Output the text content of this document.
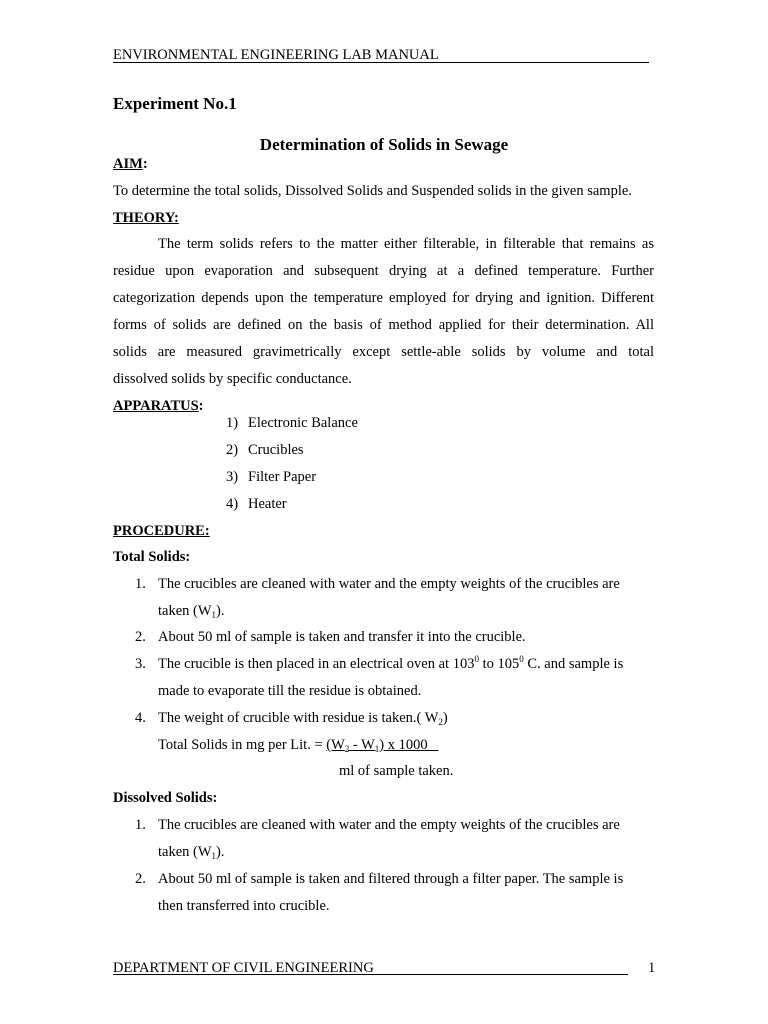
ENVIRONMENTAL ENGINEERING LAB MANUAL
Experiment No.1
Determination of Solids in Sewage
AIM:
To determine the total solids, Dissolved Solids and Suspended solids in the given sample.
THEORY:
The term solids refers to the matter either filterable, in filterable that remains as
residue upon evaporation and subsequent drying at a defined temperature. Further
categorization depends upon the temperature employed for drying and ignition. Different
forms of solids are defined on the basis of method applied for their determination. All
solids are measured gravimetrically except settle-able solids by volume and total
dissolved solids by specific conductance.
APPARATUS:
1) Electronic Balance
2) Crucibles
3) Filter Paper
4) Heater
PROCEDURE:
Total Solids:
1. The crucibles are cleaned with water and the empty weights of the crucibles are
taken $(W_1)$.
2. About 50 ml of sample is taken and transfer it into the crucible.
3. The crucible is then placed in an electrical oven at $103^0$ to $105^0$ C. and sample is
made to evaporate till the residue is obtained.
4. The weight of crucible with residue is taken.( $W_2$)
Total Solids in mg per Lit. = $(W_2 - W_1)$ x 1000
ml of sample taken.
Dissolved Solids:
1. The crucibles are cleaned with water and the empty weights of the crucibles are
taken $(W_1)$.
2. About 50 ml of sample is taken and filtered through a filter paper. The sample is
then transferred into crucible.
DEPARTMENT OF CIVIL ENGINEERING	1
